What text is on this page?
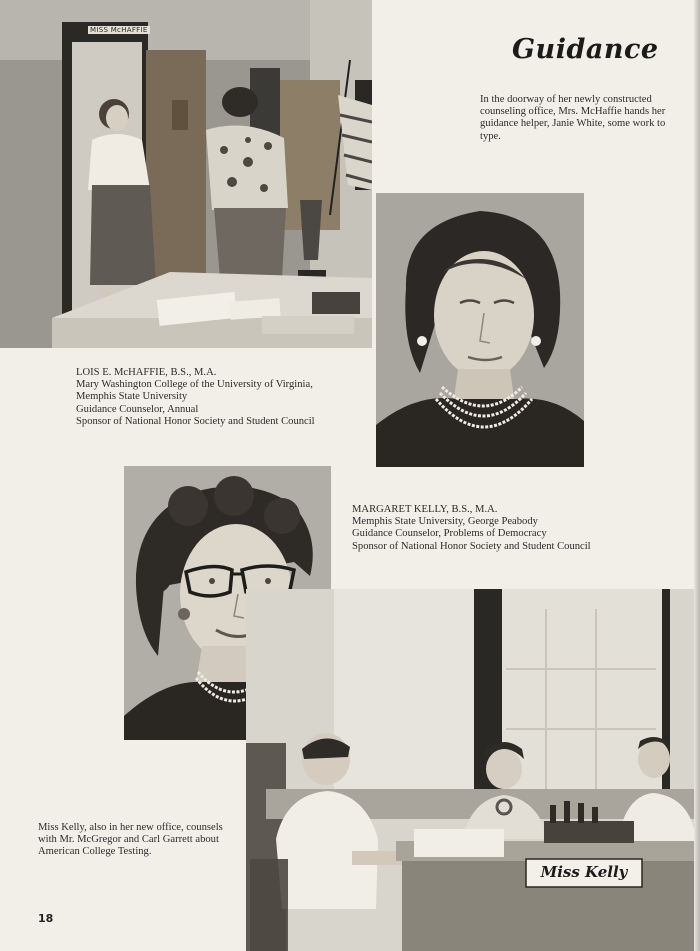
MISS McHAFFIE
Guidance
In the doorway of her newly constructed counseling office, Mrs. McHaffie hands her guidance helper, Janie White, some work to type.
LOIS E. McHAFFIE, B.S., M.A.
Mary Washington College of the University of Virginia,
Memphis State University
Guidance Counselor, Annual
Sponsor of National Honor Society and Student Council
MARGARET KELLY, B.S., M.A.
Memphis State University, George Peabody
Guidance Counselor, Problems of Democracy
Sponsor of National Honor Society and Student Council
Miss Kelly
Miss Kelly, also in her new office, counsels with Mr. McGregor and Carl Garrett about American College Testing.
18
